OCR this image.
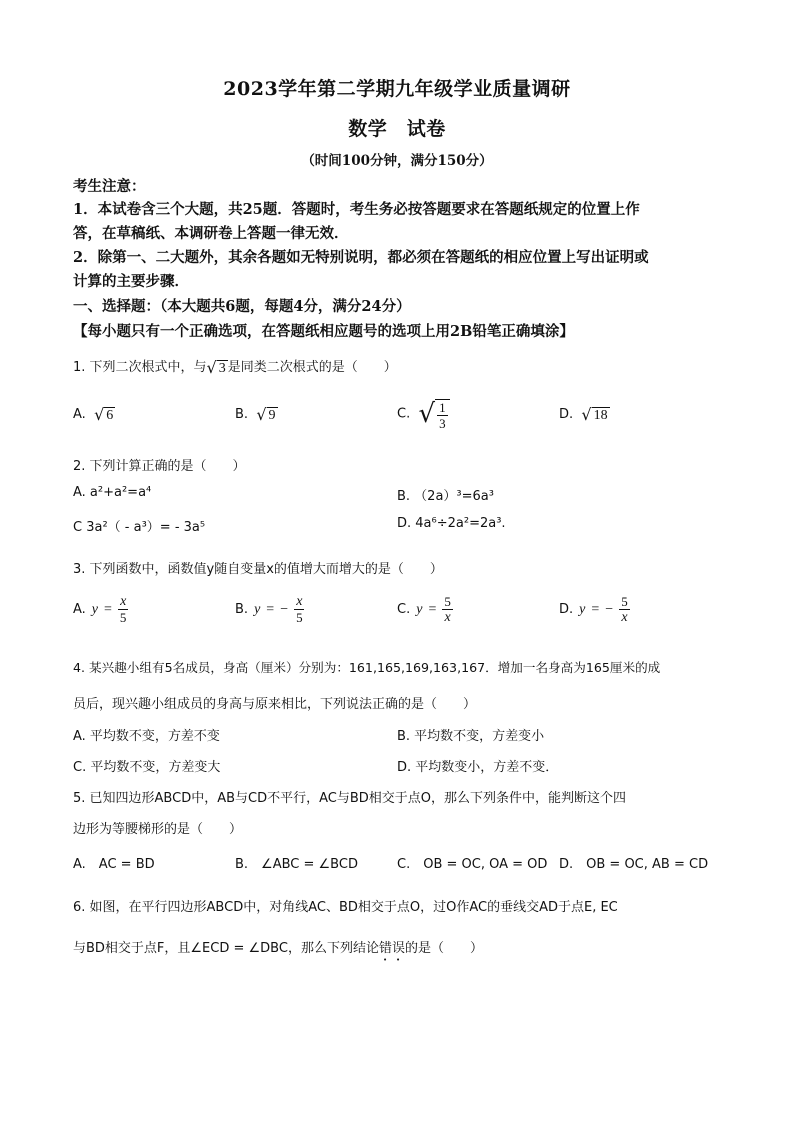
2023学年第二学期九年级学业质量调研
数学　试卷
（时间100分钟，满分150分）
考生注意：
1．本试卷含三个大题，共25题．答题时，考生务必按答题要求在答题纸规定的位置上作
答，在草稿纸、本调研卷上答题一律无效．
2．除第一、二大题外，其余各题如无特别说明，都必须在答题纸的相应位置上写出证明或
计算的主要步骤．
一、选择题：（本大题共6题，每题4分，满分24分）
【每小题只有一个正确选项，在答题纸相应题号的选项上用2B铅笔正确填涂】
1. 下列二次根式中，与 √ 3 是同类二次根式的是（　　）
A. √ 6	B. √ 9	C. √ $\frac{1}{3}$	D. √ 18
2. 下列计算正确的是（　　）
A. a²+a²=a⁴	B. （2a）³=6a³
C 3a²（ - a³）= - 3a⁵	D. 4a⁶÷2a²=2a³.
3. 下列函数中，函数值y随自变量x的值增大而增大的是（　　）
A. $y = \frac{x}{5}$	B. y = − $\frac{x}{5}$	C. $y = \frac{5}{x}$	D. y = − $\frac{5}{x}$
4. 某兴趣小组有5名成员，身高（厘米）分别为：161,165,169,163,167．增加一名身高为165厘米的成
员后，现兴趣小组成员的身高与原来相比，下列说法正确的是（　　）
A. 平均数不变，方差不变	B. 平均数不变，方差变小
C. 平均数不变，方差变大	D. 平均数变小，方差不变．
5. 已知四边形ABCD中，AB与CD不平行，AC与BD相交于点O，那么下列条件中，能判断这个四
边形为等腰梯形的是（　　）
A.　AC = BD	B.　∠ABC = ∠BCD	C.　OB = OC, OA = OD D.　OB = OC, AB = CD
6. 如图，在平行四边形ABCD中，对角线AC、BD相交于点O，过O作AC的垂线交AD于点E, EC
与BD相交于点F，且∠ECD = ∠DBC，那么下列结论错误的是（　　）
